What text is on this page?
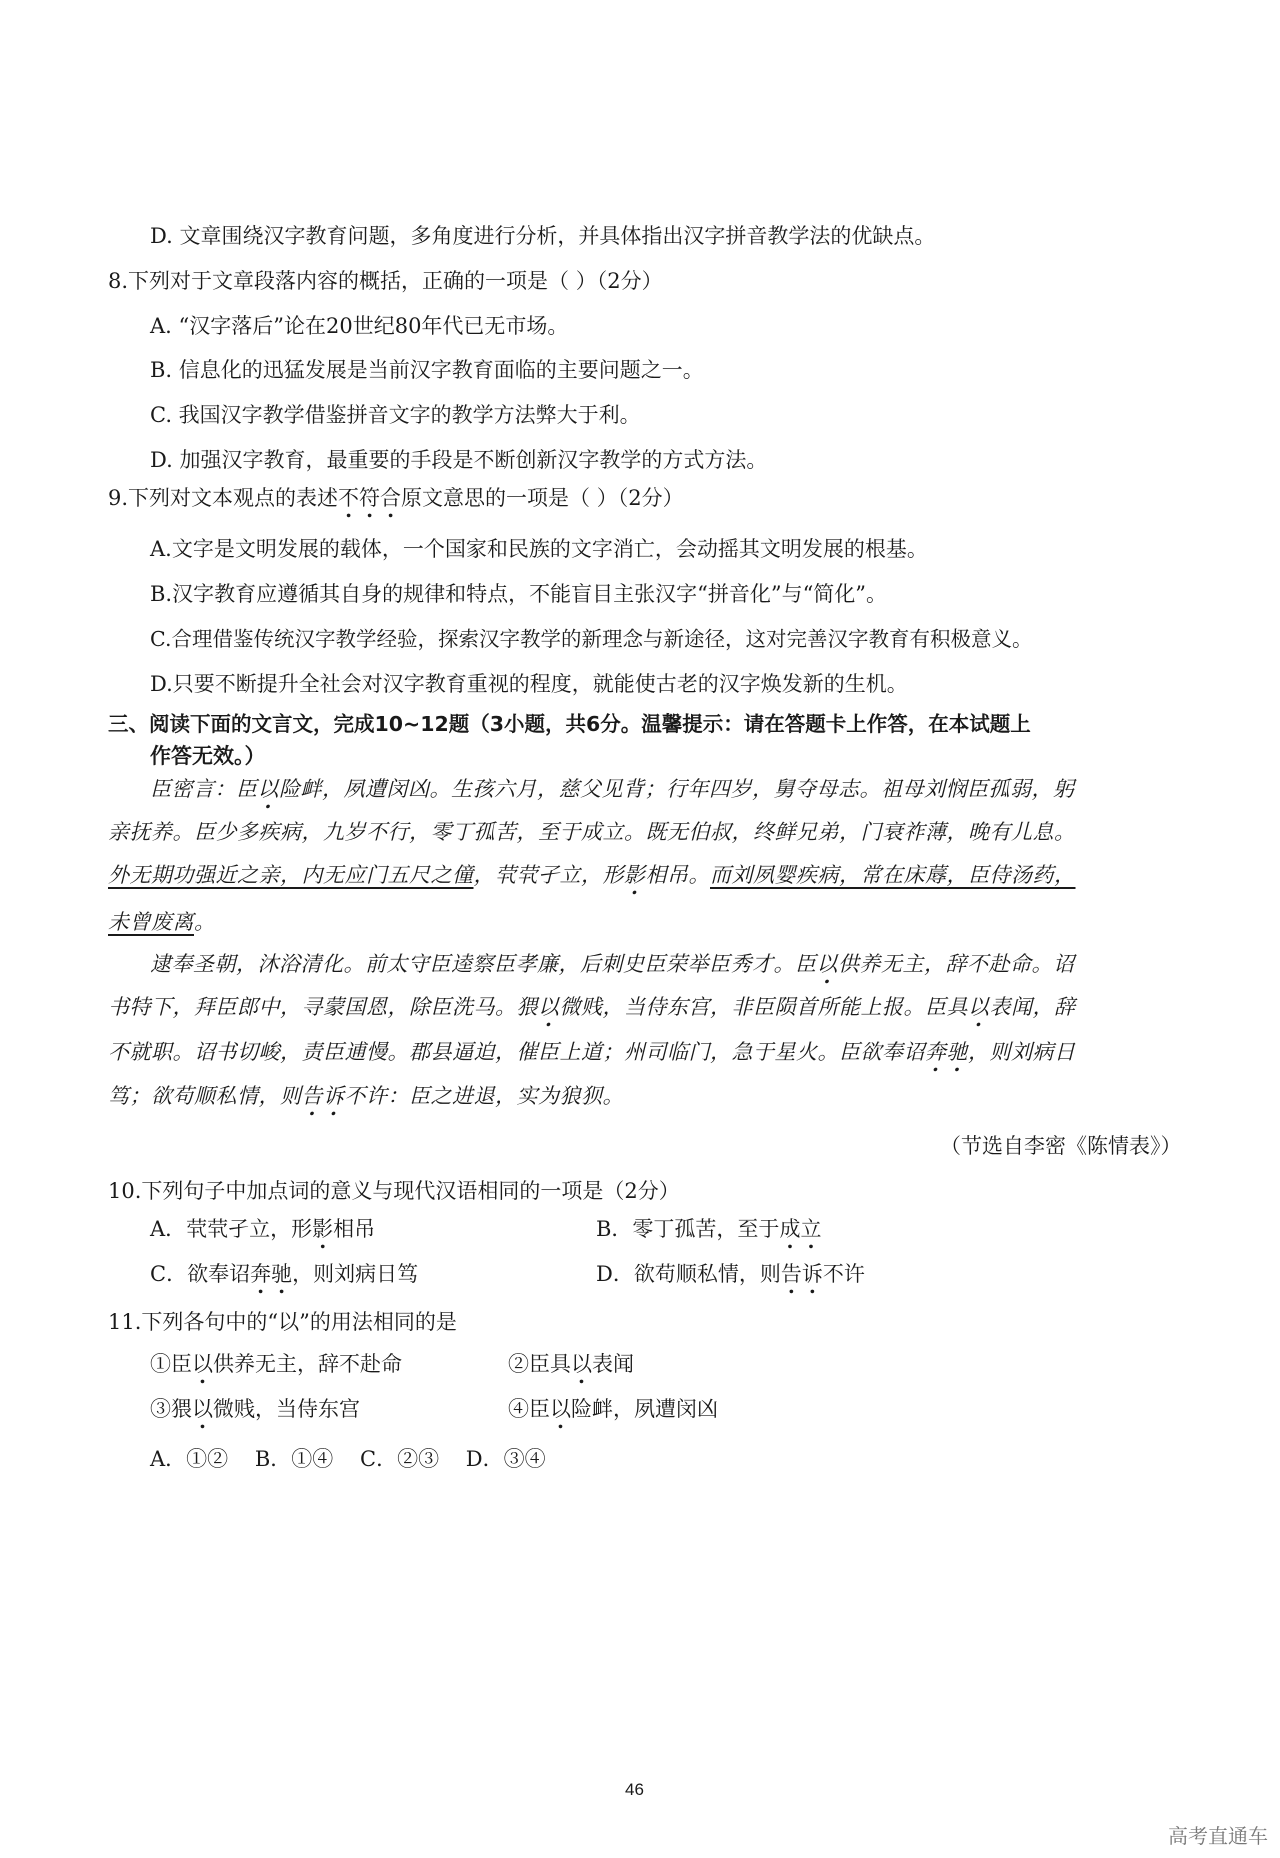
D. 文章围绕汉字教育问题，多角度进行分析，并具体指出汉字拼音教学法的优缺点。
8.下列对于文章段落内容的概括，正确的一项是（ ）（2分）
A. “汉字落后”论在20世纪80年代已无市场。
B. 信息化的迅猛发展是当前汉字教育面临的主要问题之一。
C. 我国汉字教学借鉴拼音文字的教学方法弊大于利。
D. 加强汉字教育，最重要的手段是不断创新汉字教学的方式方法。
9.下列对文本观点的表述不符合原文意思的一项是（ ）（2分）
A.文字是文明发展的载体，一个国家和民族的文字消亡，会动摇其文明发展的根基。
B.汉字教育应遵循其自身的规律和特点，不能盲目主张汉字“拼音化”与“简化”。
C.合理借鉴传统汉字教学经验，探索汉字教学的新理念与新途径，这对完善汉字教育有积极意义。
D.只要不断提升全社会对汉字教育重视的程度，就能使古老的汉字焕发新的生机。
三、阅读下面的文言文，完成10~12题（3小题，共6分。温馨提示：请在答题卡上作答，在本试题上
作答无效。）
臣密言：臣以险衅，夙遭闵凶。生孩六月，慈父见背；行年四岁，舅夺母志。祖母刘悯臣孤弱，躬
亲抚养。臣少多疾病，九岁不行，零丁孤苦，至于成立。既无伯叔，终鲜兄弟，门衰祚薄，晚有儿息。
外无期功强近之亲，内无应门五尺之僮，茕茕孑立，形影相吊。而刘夙婴疾病，常在床蓐，臣侍汤药，
未曾废离。
逮奉圣朝，沐浴清化。前太守臣逵察臣孝廉，后刺史臣荣举臣秀才。臣以供养无主，辞不赴命。诏
书特下，拜臣郎中，寻蒙国恩，除臣洗马。猥以微贱，当侍东宫，非臣陨首所能上报。臣具以表闻，辞
不就职。诏书切峻，责臣逋慢。郡县逼迫，催臣上道；州司临门，急于星火。臣欲奉诏奔驰，则刘病日
笃；欲苟顺私情，则告诉不许：臣之进退，实为狼狈。
（节选自李密《陈情表》）
10.下列句子中加点词的意义与现代汉语相同的一项是（2分）
A．茕茕孑立，形影相吊	B．零丁孤苦，至于成立
C．欲奉诏奔驰，则刘病日笃	D．欲苟顺私情，则告诉不许
11.下列各句中的“以”的用法相同的是
①臣以供养无主，辞不赴命	②臣具以表闻
③猥以微贱，当侍东宫	④臣以险衅，夙遭闵凶
A．①②    B．①④    C．②③    D．③④
46
高考直通车
